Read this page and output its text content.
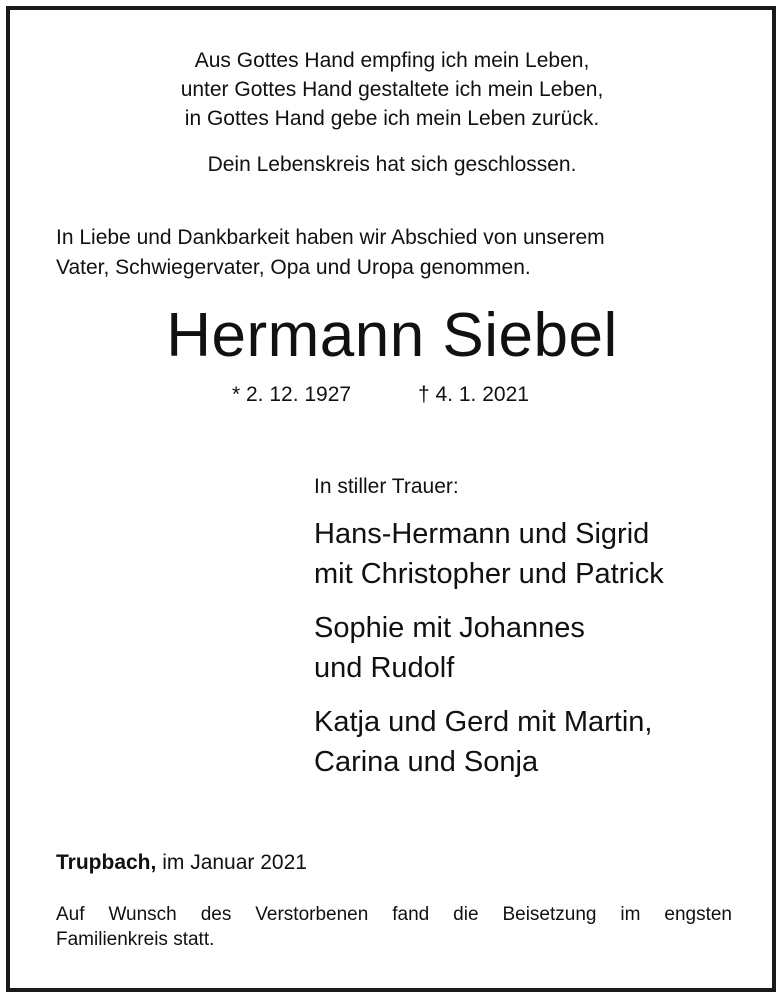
Aus Gottes Hand empfing ich mein Leben,
unter Gottes Hand gestaltete ich mein Leben,
in Gottes Hand gebe ich mein Leben zurück.
Dein Lebenskreis hat sich geschlossen.
In Liebe und Dankbarkeit haben wir Abschied von unserem
Vater, Schwiegervater, Opa und Uropa genommen.
Hermann Siebel
* 2. 12. 1927	† 4. 1. 2021
In stiller Trauer:
Hans-Hermann und Sigrid
mit Christopher und Patrick
Sophie mit Johannes
und Rudolf
Katja und Gerd mit Martin,
Carina und Sonja
Trupbach, im Januar 2021
Auf Wunsch des Verstorbenen fand die Beisetzung im engsten
Familienkreis statt.
